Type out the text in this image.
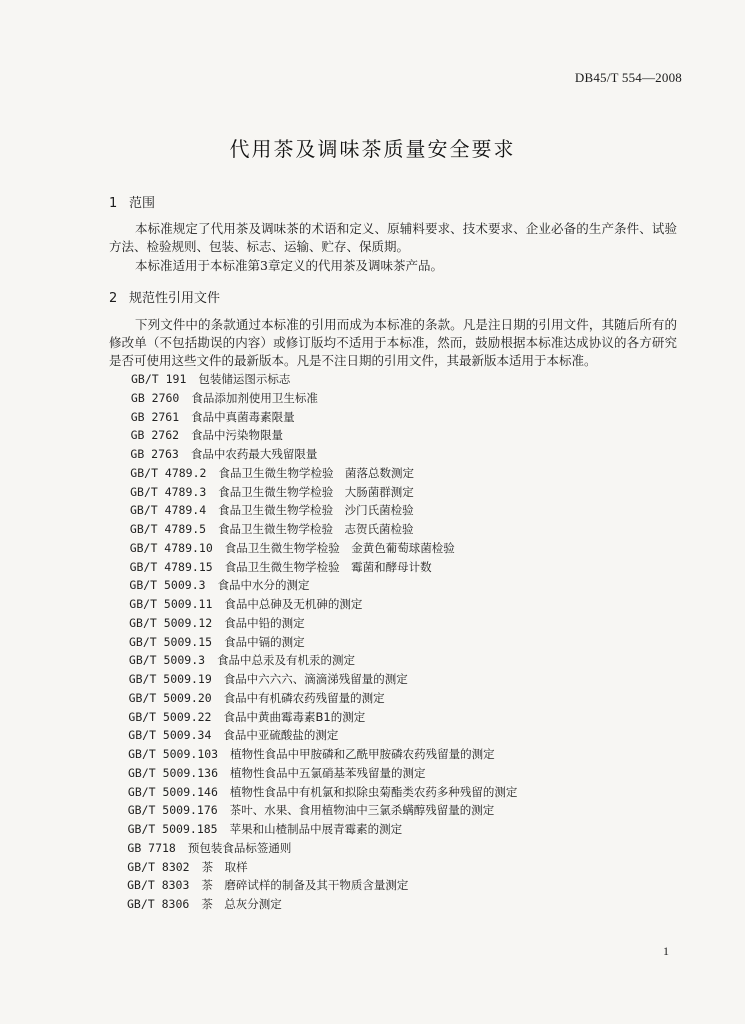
DB45/T 554—2008
代用茶及调味茶质量安全要求
1 范围

本标准规定了代用茶及调味茶的术语和定义、原辅料要求、技术要求、企业必备的生产条件、试验方法、检验规则、包装、标志、运输、贮存、保质期。

本标准适用于本标准第3章定义的代用茶及调味茶产品。

2 规范性引用文件

下列文件中的条款通过本标准的引用而成为本标准的条款。凡是注日期的引用文件，其随后所有的修改单（不包括勘误的内容）或修订版均不适用于本标准，然而，鼓励根据本标准达成协议的各方研究是否可使用这些文件的最新版本。凡是不注日期的引用文件，其最新版本适用于本标准。

GB/T 191 包装储运图示标志
GB 2760 食品添加剂使用卫生标准
GB 2761 食品中真菌毒素限量
GB 2762 食品中污染物限量
GB 2763 食品中农药最大残留限量
GB/T 4789.2 食品卫生微生物学检验　菌落总数测定
GB/T 4789.3 食品卫生微生物学检验　大肠菌群测定
GB/T 4789.4 食品卫生微生物学检验　沙门氏菌检验
GB/T 4789.5 食品卫生微生物学检验　志贺氏菌检验
GB/T 4789.10 食品卫生微生物学检验　金黄色葡萄球菌检验
GB/T 4789.15 食品卫生微生物学检验　霉菌和酵母计数
GB/T 5009.3 食品中水分的测定
GB/T 5009.11 食品中总砷及无机砷的测定
GB/T 5009.12 食品中铅的测定
GB/T 5009.15 食品中镉的测定
GB/T 5009.3 食品中总汞及有机汞的测定
GB/T 5009.19 食品中六六六、滴滴涕残留量的测定
GB/T 5009.20 食品中有机磷农药残留量的测定
GB/T 5009.22 食品中黄曲霉毒素B1的测定
GB/T 5009.34 食品中亚硫酸盐的测定
GB/T 5009.103 植物性食品中甲胺磷和乙酰甲胺磷农药残留量的测定
GB/T 5009.136 植物性食品中五氯硝基苯残留量的测定
GB/T 5009.146 植物性食品中有机氯和拟除虫菊酯类农药多种残留的测定
GB/T 5009.176 茶叶、水果、食用植物油中三氯杀螨醇残留量的测定
GB/T 5009.185 苹果和山楂制品中展青霉素的测定
GB 7718 预包装食品标签通则
GB/T 8302 茶　取样
GB/T 8303 茶　磨碎试样的制备及其干物质含量测定
GB/T 8306 茶　总灰分测定
1
